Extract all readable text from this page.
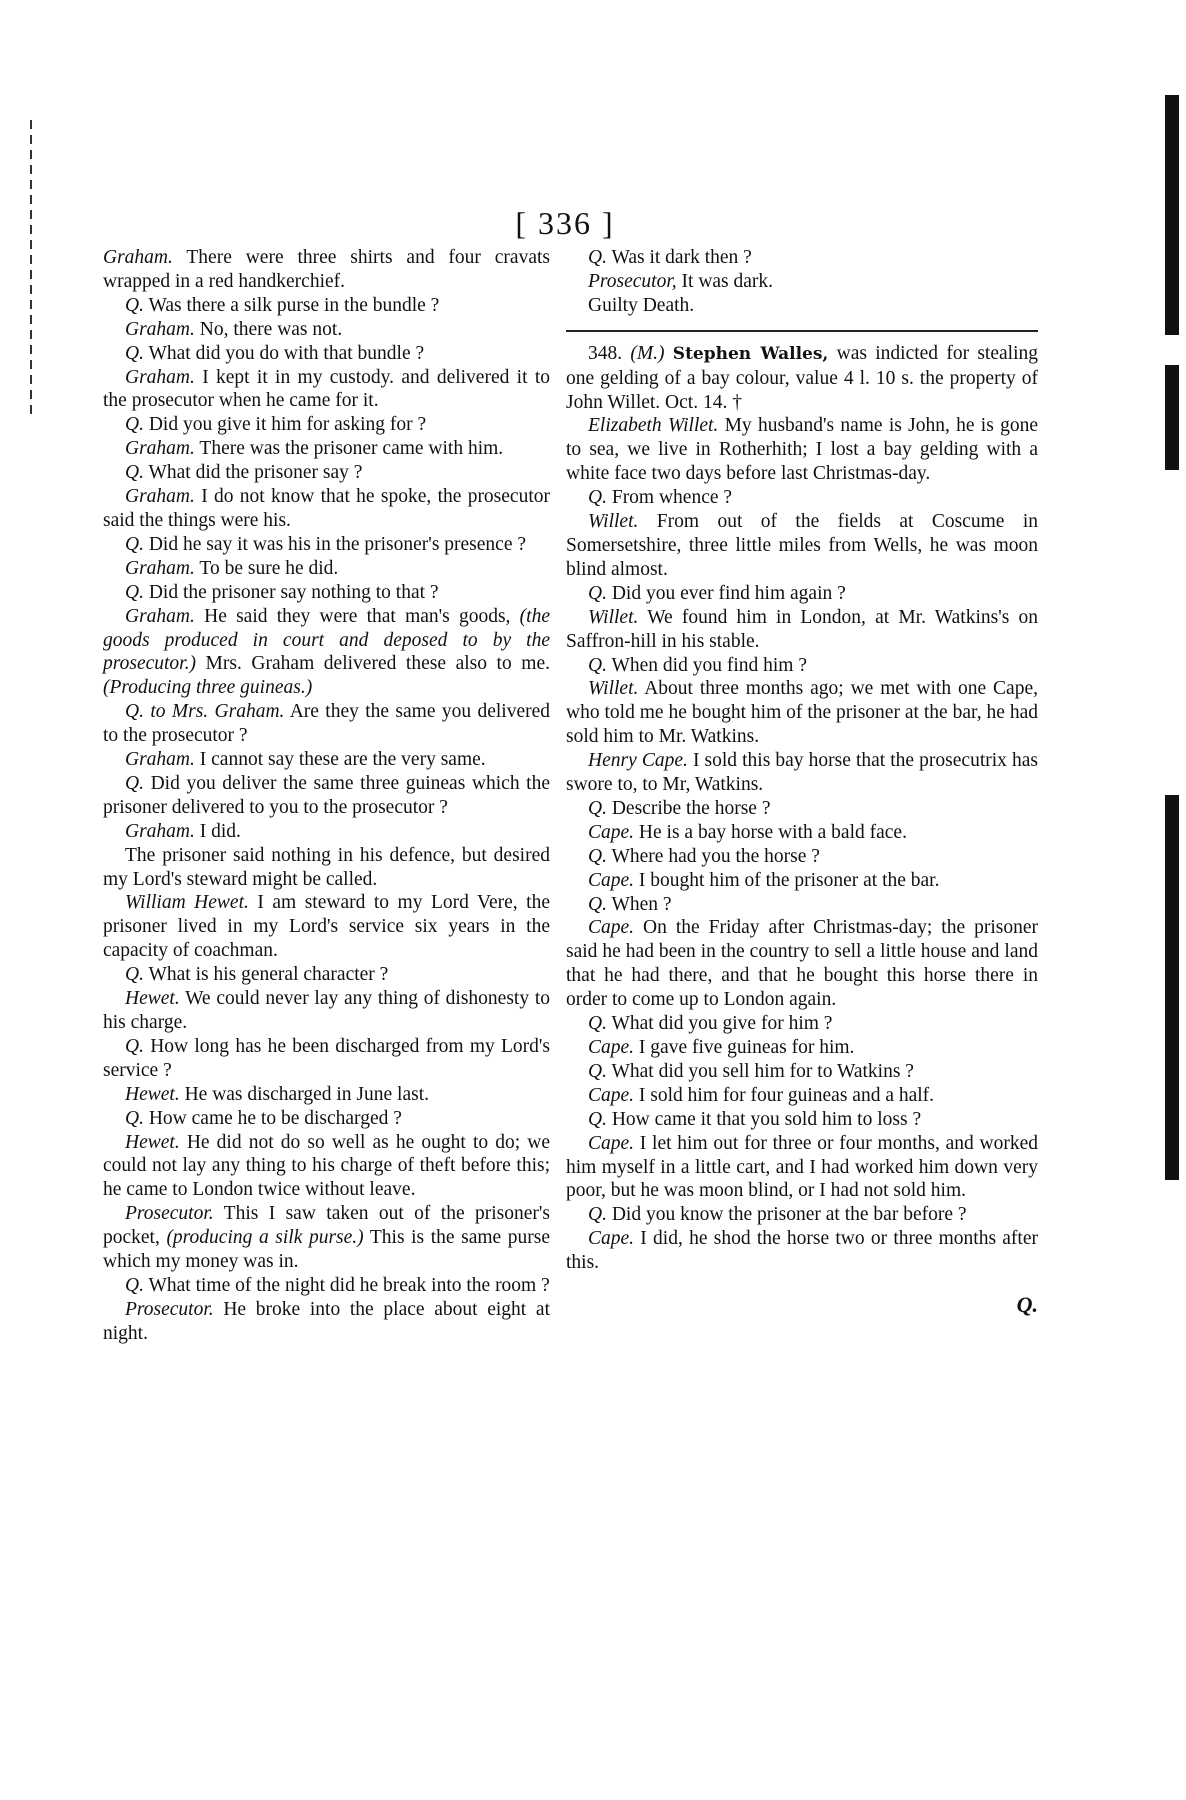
[ 336 ]

Graham. There were three shirts and four cravats wrapped in a red handkerchief.

Q. Was there a silk purse in the bundle ?

Graham. No, there was not.

Q. What did you do with that bundle ?

Graham. I kept it in my custody. and delivered it to the prosecutor when he came for it.

Q. Did you give it him for asking for ?

Graham. There was the prisoner came with him.

Q. What did the prisoner say ?

Graham. I do not know that he spoke, the prosecutor said the things were his.

Q. Did he say it was his in the prisoner's presence ?

Graham. To be sure he did.

Q. Did the prisoner say nothing to that ?

Graham. He said they were that man's goods, (the goods produced in court and deposed to by the prosecutor.) Mrs. Graham delivered these also to me. (Producing three guineas.)

Q. to Mrs. Graham. Are they the same you delivered to the prosecutor ?

Graham. I cannot say these are the very same.

Q. Did you deliver the same three guineas which the prisoner delivered to you to the prosecutor ?

Graham. I did.

The prisoner said nothing in his defence, but desired my Lord's steward might be called.

William Hewet. I am steward to my Lord Vere, the prisoner lived in my Lord's service six years in the capacity of coachman.

Q. What is his general character ?

Hewet. We could never lay any thing of dishonesty to his charge.

Q. How long has he been discharged from my Lord's service ?

Hewet. He was discharged in June last.

Q. How came he to be discharged ?

Hewet. He did not do so well as he ought to do; we could not lay any thing to his charge of theft before this; he came to London twice without leave.

Prosecutor. This I saw taken out of the prisoner's pocket, (producing a silk purse.) This is the same purse which my money was in.

Q. What time of the night did he break into the room ?

Prosecutor. He broke into the place about eight at night.

Q. Was it dark then ?

Prosecutor, It was dark.

Guilty Death.

348. (M.) Stephen Walles, was indicted for stealing one gelding of a bay colour, value 4 l. 10 s. the property of John Willet. Oct. 14. †

Elizabeth Willet. My husband's name is John, he is gone to sea, we live in Rotherhith; I lost a bay gelding with a white face two days before last Christmas-day.

Q. From whence ?

Willet. From out of the fields at Coscume in Somersetshire, three little miles from Wells, he was moon blind almost.

Q. Did you ever find him again ?

Willet. We found him in London, at Mr. Watkins's on Saffron-hill in his stable.

Q. When did you find him ?

Willet. About three months ago; we met with one Cape, who told me he bought him of the prisoner at the bar, he had sold him to Mr. Watkins.

Henry Cape. I sold this bay horse that the prosecutrix has swore to, to Mr, Watkins.

Q. Describe the horse ?

Cape. He is a bay horse with a bald face.

Q. Where had you the horse ?

Cape. I bought him of the prisoner at the bar.

Q. When ?

Cape. On the Friday after Christmas-day; the prisoner said he had been in the country to sell a little house and land that he had there, and that he bought this horse there in order to come up to London again.

Q. What did you give for him ?

Cape. I gave five guineas for him.

Q. What did you sell him for to Watkins ?

Cape. I sold him for four guineas and a half.

Q. How came it that you sold him to loss ?

Cape. I let him out for three or four months, and worked him myself in a little cart, and I had worked him down very poor, but he was moon blind, or I had not sold him.

Q. Did you know the prisoner at the bar before ?

Cape. I did, he shod the horse two or three months after this.

Q.
